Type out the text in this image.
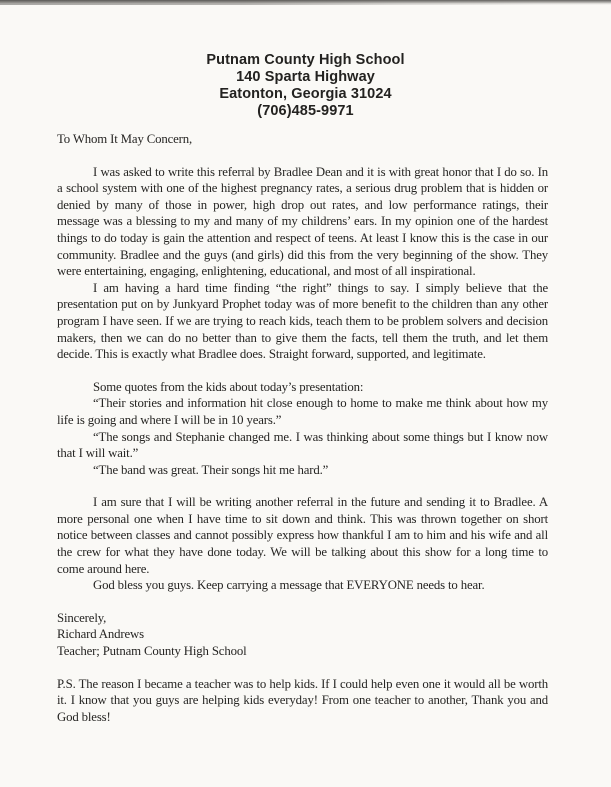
Putnam County High School
140 Sparta Highway
Eatonton, Georgia 31024
(706)485-9971
To Whom It May Concern,

I was asked to write this referral by Bradlee Dean and it is with great honor that I do so. In a school system with one of the highest pregnancy rates, a serious drug problem that is hidden or denied by many of those in power, high drop out rates, and low performance ratings, their message was a blessing to my and many of my childrens’ ears. In my opinion one of the hardest things to do today is gain the attention and respect of teens. At least I know this is the case in our community. Bradlee and the guys (and girls) did this from the very beginning of the show. They were entertaining, engaging, enlightening, educational, and most of all inspirational.

I am having a hard time finding “the right” things to say. I simply believe that the presentation put on by Junkyard Prophet today was of more benefit to the children than any other program I have seen. If we are trying to reach kids, teach them to be problem solvers and decision makers, then we can do no better than to give them the facts, tell them the truth, and let them decide. This is exactly what Bradlee does. Straight forward, supported, and legitimate.

Some quotes from the kids about today’s presentation:

“Their stories and information hit close enough to home to make me think about how my life is going and where I will be in 10 years.”

“The songs and Stephanie changed me. I was thinking about some things but I know now that I will wait.”

“The band was great. Their songs hit me hard.”

I am sure that I will be writing another referral in the future and sending it to Bradlee. A more personal one when I have time to sit down and think. This was thrown together on short notice between classes and cannot possibly express how thankful I am to him and his wife and all the crew for what they have done today. We will be talking about this show for a long time to come around here.

God bless you guys. Keep carrying a message that EVERYONE needs to hear.

Sincerely,

Richard Andrews

Teacher; Putnam County High School

P.S. The reason I became a teacher was to help kids. If I could help even one it would all be worth it. I know that you guys are helping kids everyday! From one teacher to another, Thank you and God bless!
